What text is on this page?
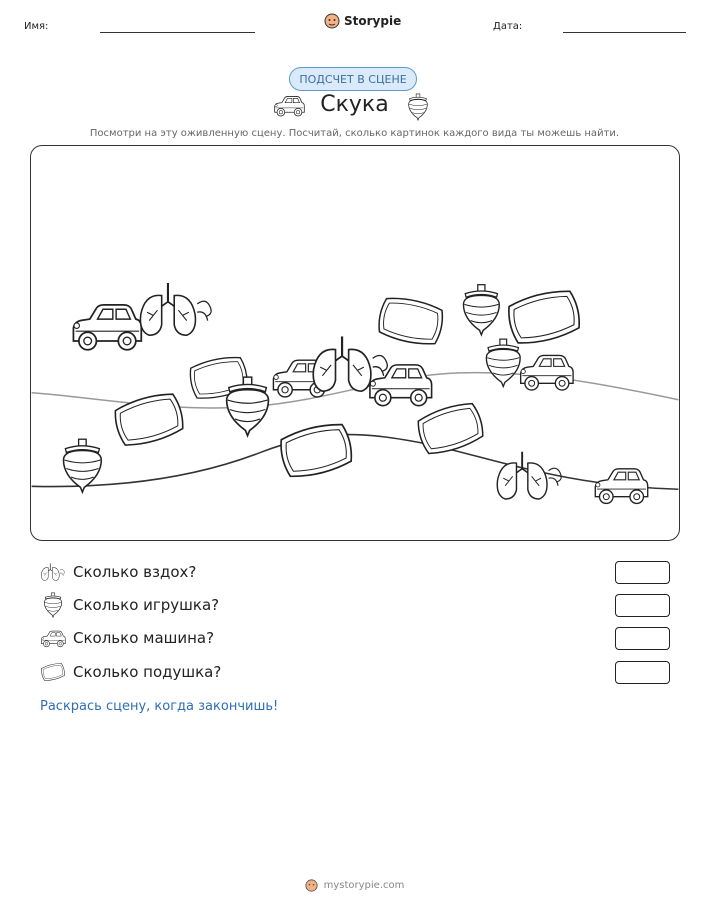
Имя:	Storypie	Дата:
ПОДСЧЕТ В СЦЕНЕ
Скука
Посмотри на эту оживленную сцену. Посчитай, сколько картинок каждого вида ты можешь найти.
Сколько вздох?
Сколько игрушка?
Сколько машина?
Сколько подушка?
Раскрась сцену, когда закончишь!
mystorypie.com
